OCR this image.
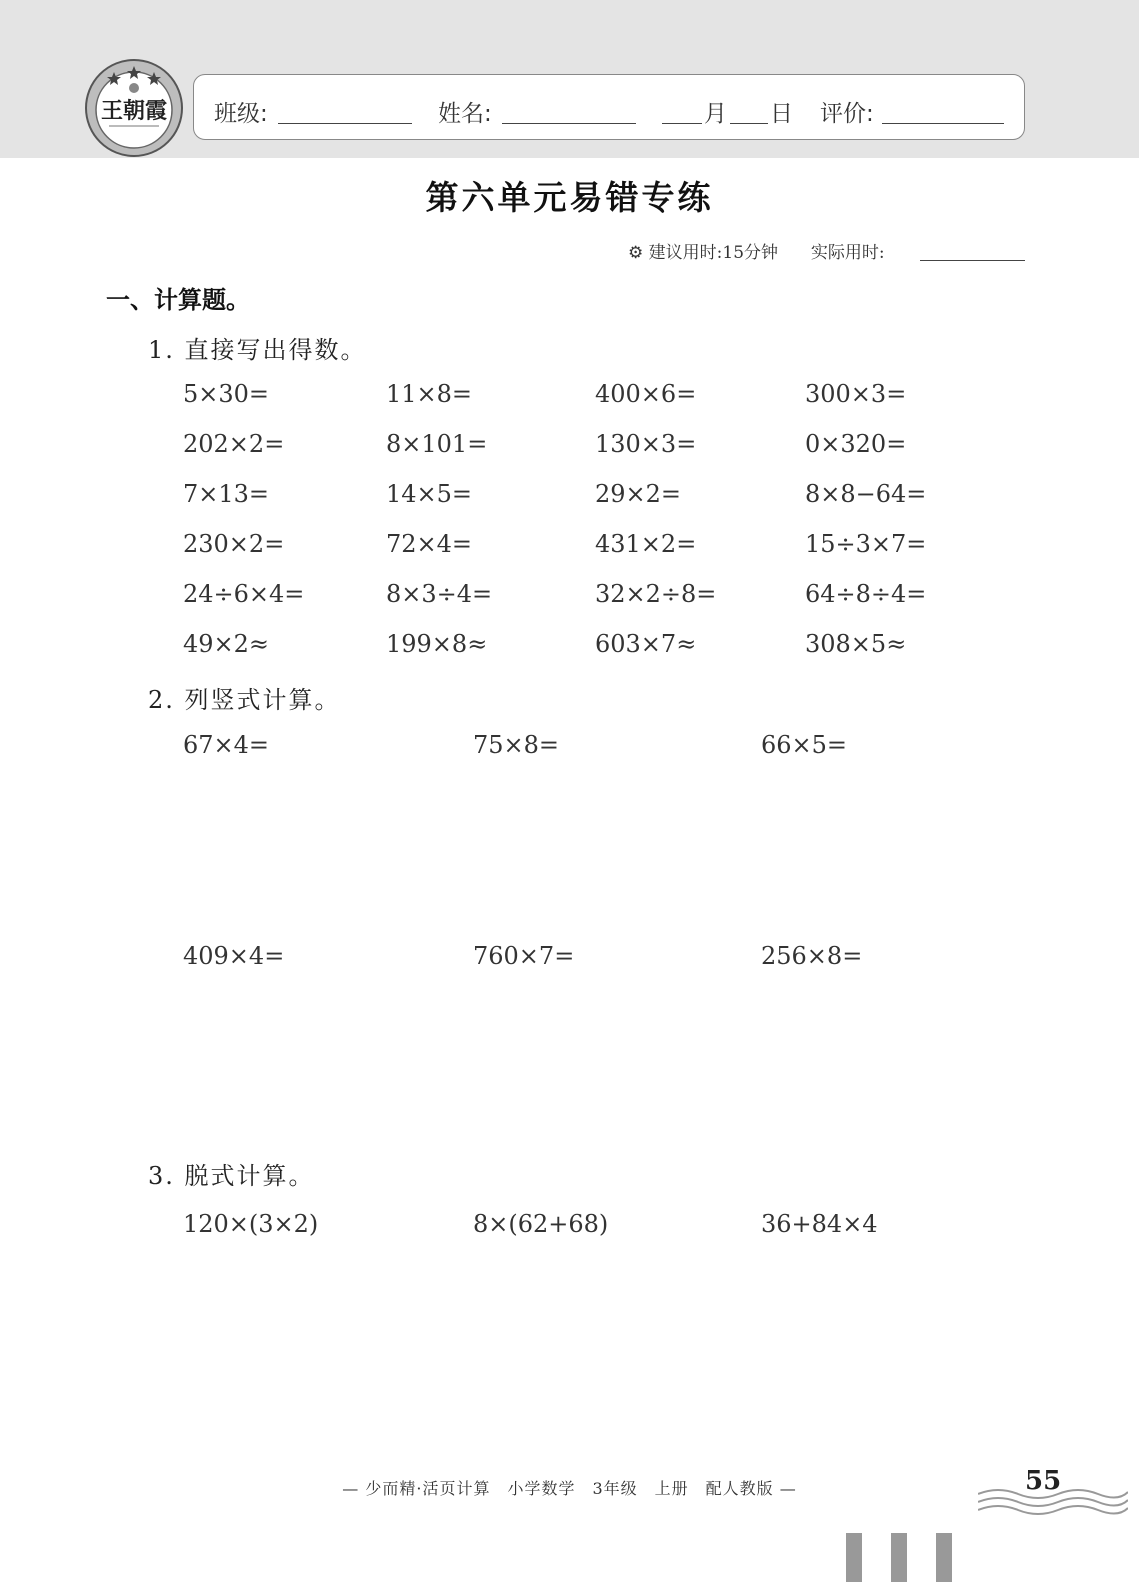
王朝霞 班级:	姓名:	月 日 评价:
第六单元易错专练
⚙ 建议用时:15分钟 实际用时:
一、计算题。
1. 直接写出得数。
5×30=	11×8=	400×6=	300×3=
202×2=	8×101=	130×3=	0×320=
7×13=	14×5=	29×2=	8×8−64=
230×2=	72×4=	431×2=	15÷3×7=
24÷6×4=	8×3÷4=	32×2÷8=	64÷8÷4=
49×2≈	199×8≈	603×7≈	308×5≈
2. 列竖式计算。
67×4=	75×8=	66×5=
409×4=	760×7=	256×8=
3. 脱式计算。
120×(3×2)	8×(62+68)	36+84×4
— 少而精·活页计算　小学数学　3年级　上册　配人教版 —	55
